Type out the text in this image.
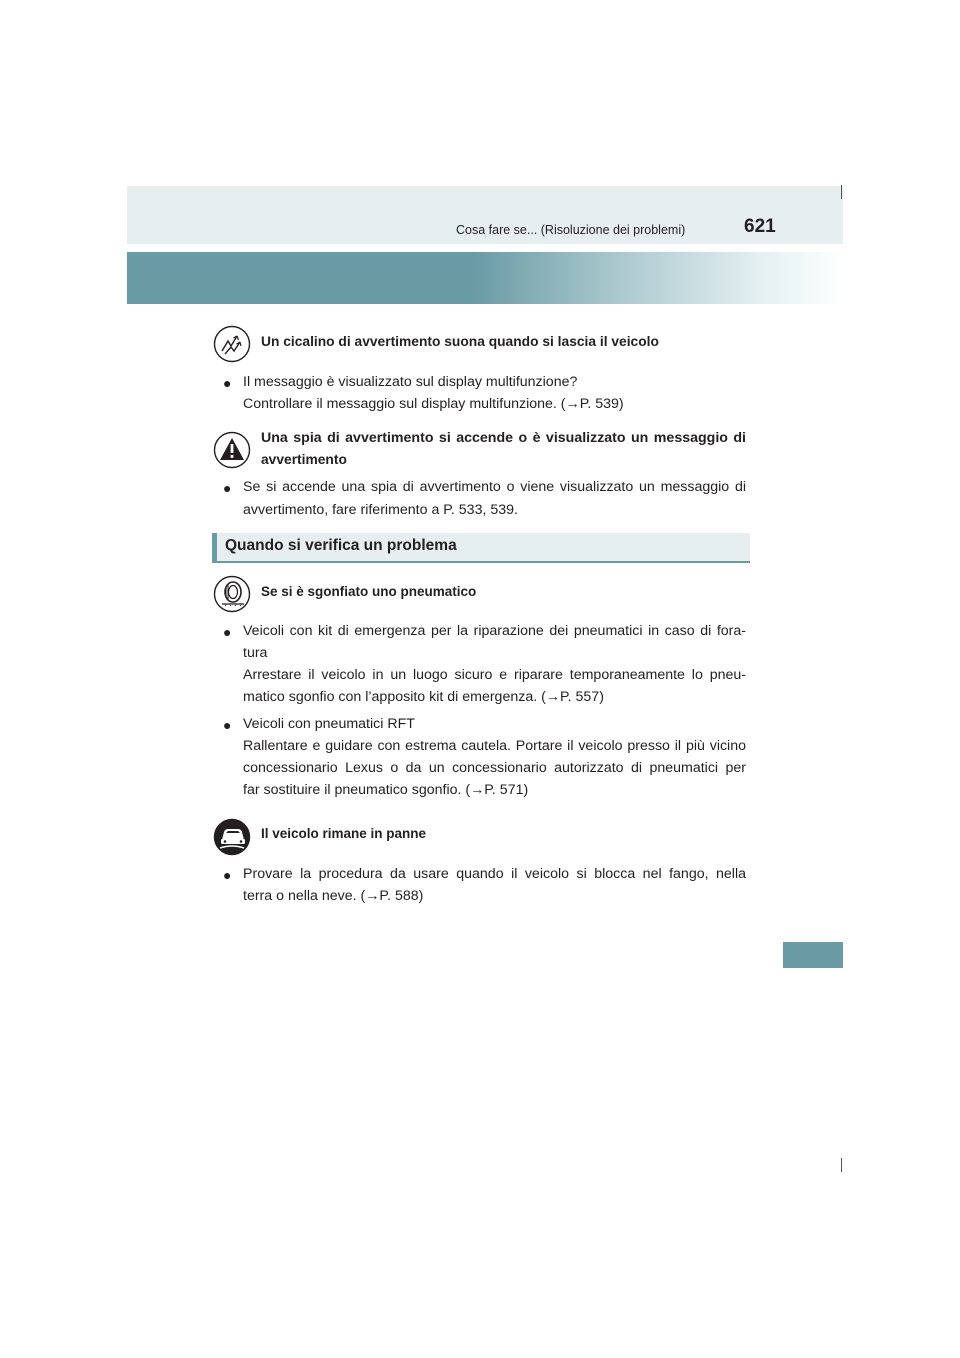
Cosa fare se... (Risoluzione dei problemi)	621
Un cicalino di avvertimento suona quando si lascia il veicolo
● Il messaggio è visualizzato sul display multifunzione?
Controllare il messaggio sul display multifunzione. (→P. 539)
Una spia di avvertimento si accende o è visualizzato un messaggio di
avvertimento
● Se si accende una spia di avvertimento o viene visualizzato un messaggio di
avvertimento, fare riferimento a P. 533, 539.
Quando si verifica un problema
Se si è sgonfiato uno pneumatico
● Veicoli con kit di emergenza per la riparazione dei pneumatici in caso di fora-
tura
Arrestare il veicolo in un luogo sicuro e riparare temporaneamente lo pneu-
matico sgonfio con l’apposito kit di emergenza. (→P. 557)
● Veicoli con pneumatici RFT
Rallentare e guidare con estrema cautela. Portare il veicolo presso il più vicino
concessionario Lexus o da un concessionario autorizzato di pneumatici per
far sostituire il pneumatico sgonfio. (→P. 571)
Il veicolo rimane in panne
● Provare la procedura da usare quando il veicolo si blocca nel fango, nella
terra o nella neve. (→P. 588)
